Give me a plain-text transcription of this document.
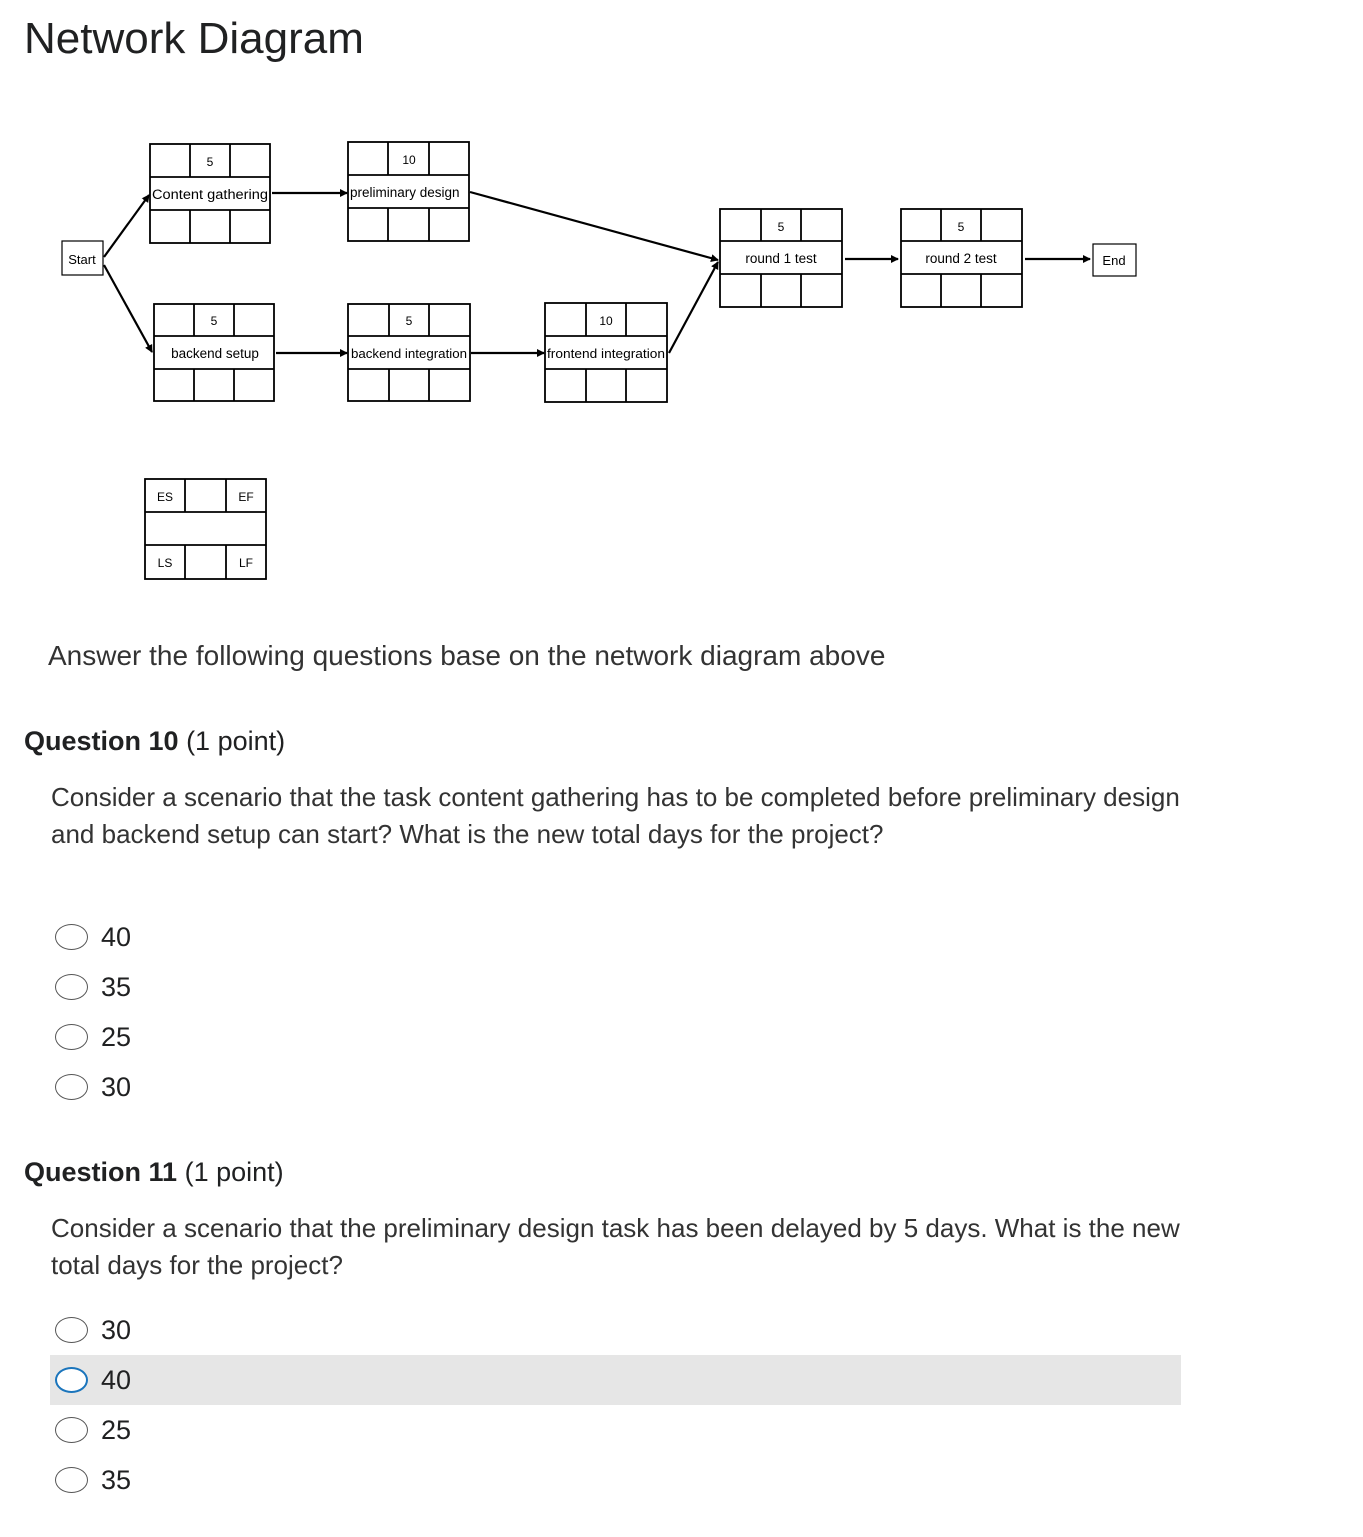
Network Diagram
Start	End
5
Content gathering	preliminary design
10
5
backend setup
5
backend integration
10
frontend integration
5
round 1 test
5
round 2 test
ES	EF
LS	LF
Answer the following questions base on the network diagram above
Question 10 (1 point)
Consider a scenario that the task content gathering has to be completed before preliminary design and backend setup can start? What is the new total days for the project?
40
35
25
30
Question 11 (1 point)
Consider a scenario that the preliminary design task has been delayed by 5 days. What is the new total days for the project?
30
40
25
35
